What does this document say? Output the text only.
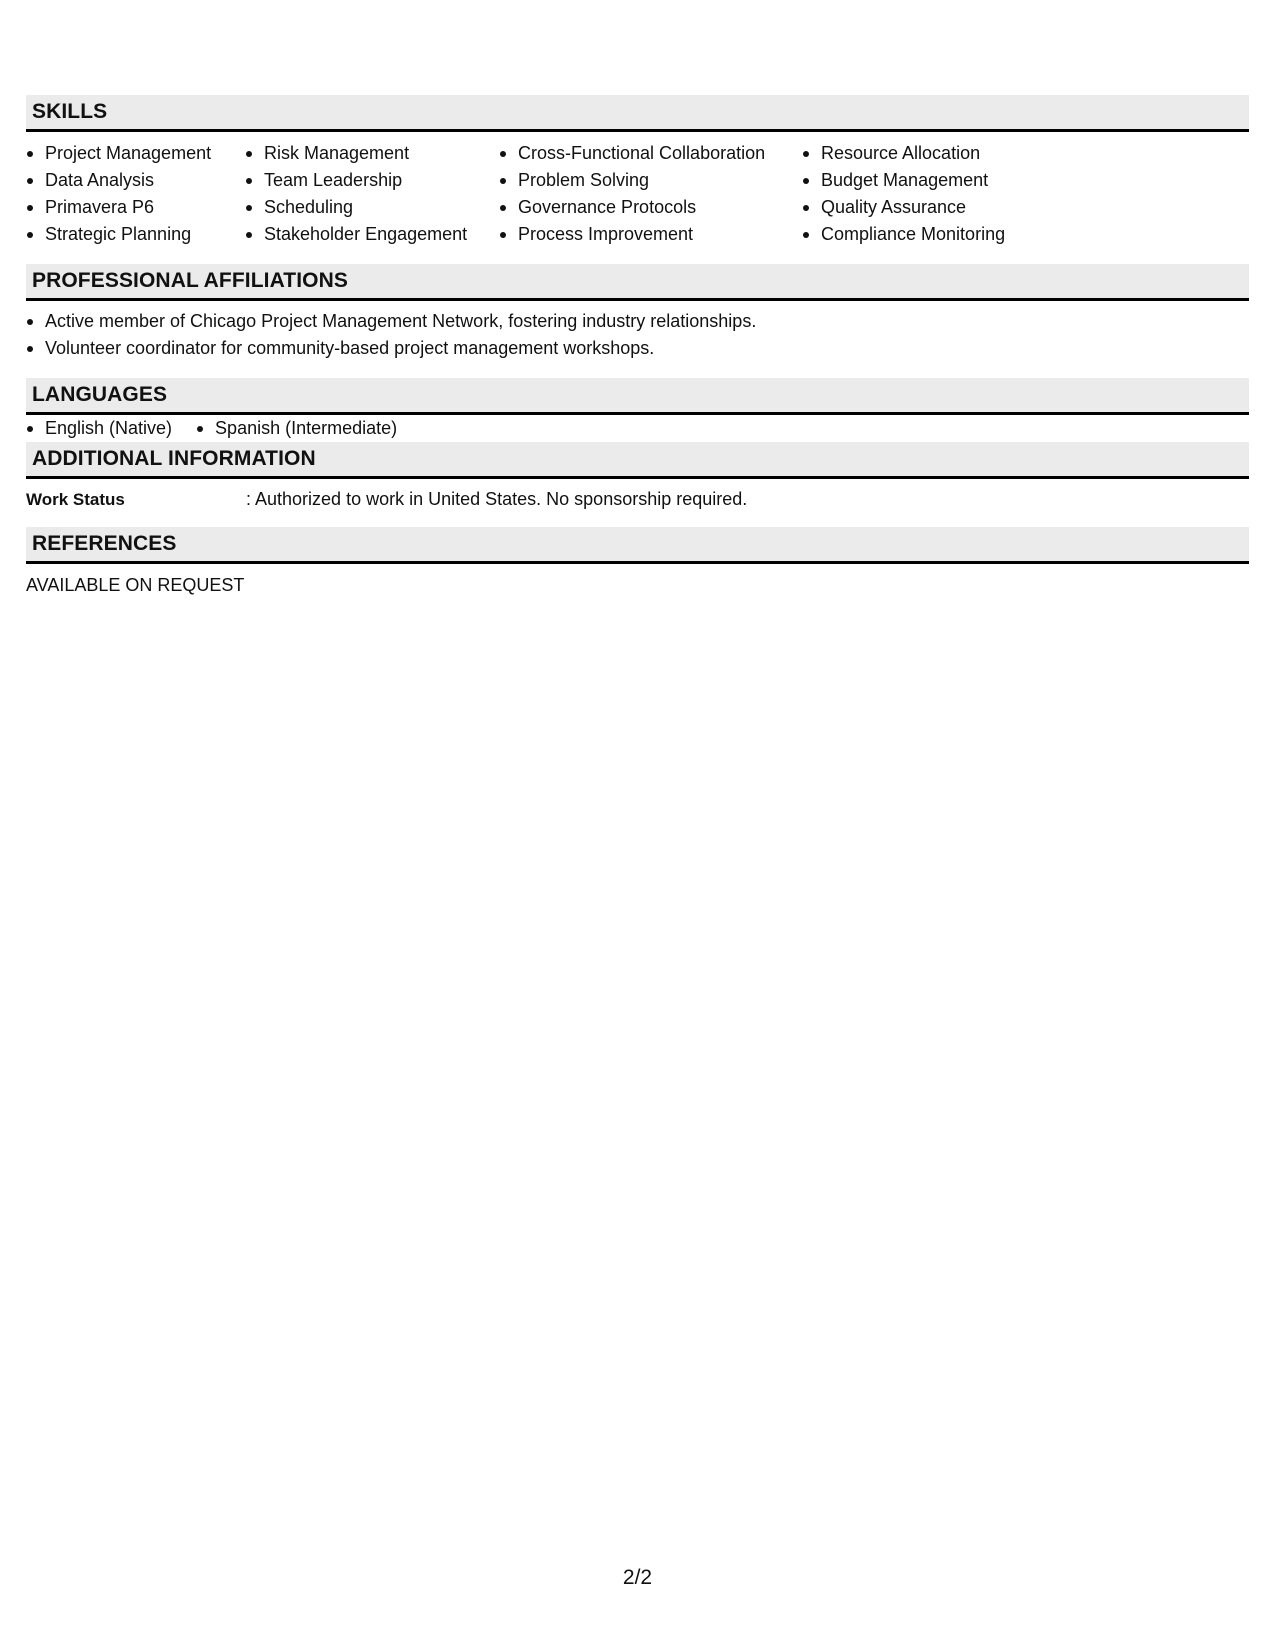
SKILLS
Project Management
Data Analysis
Primavera P6
Strategic Planning
Risk Management
Team Leadership
Scheduling
Stakeholder Engagement
Cross-Functional Collaboration
Problem Solving
Governance Protocols
Process Improvement
Resource Allocation
Budget Management
Quality Assurance
Compliance Monitoring
PROFESSIONAL AFFILIATIONS
Active member of Chicago Project Management Network, fostering industry relationships.
Volunteer coordinator for community-based project management workshops.
LANGUAGES
English (Native)	Spanish (Intermediate)
ADDITIONAL INFORMATION
Work Status	: Authorized to work in United States. No sponsorship required.
REFERENCES
AVAILABLE ON REQUEST
2/2
